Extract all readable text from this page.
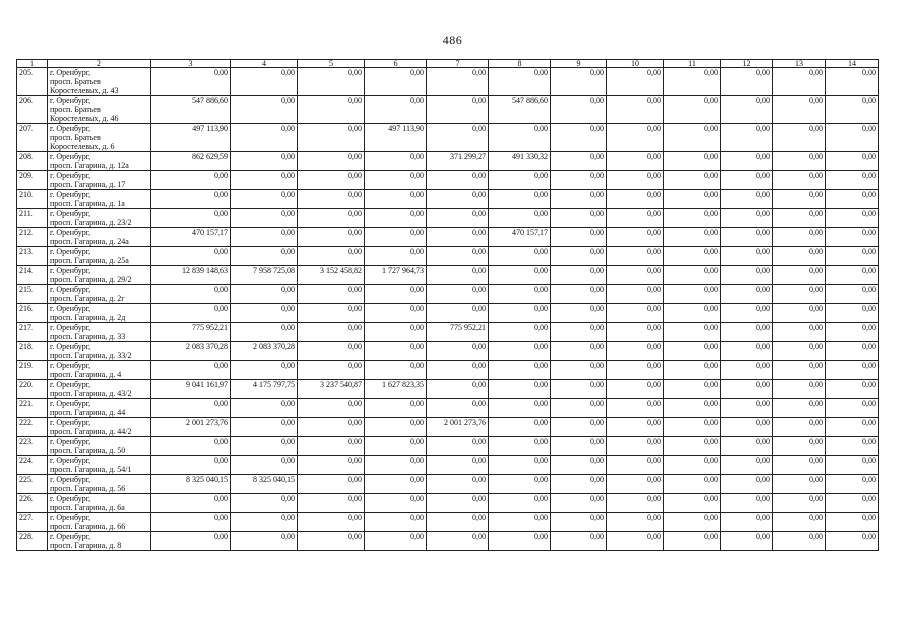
486
1	2	3	4	5	6	7	8	9	10	11	12	13	14
205.	г. Оренбург,
просп. Братьев
Коростелевых, д. 43	0,00	0,00	0,00	0,00	0,00	0,00	0,00	0,00	0,00	0,00	0,00	0,00
206.	г. Оренбург,
просп. Братьев
Коростелевых, д. 46	547 886,60	0,00	0,00	0,00	0,00	547 886,60	0,00	0,00	0,00	0,00	0,00	0,00
207.	г. Оренбург,
просп. Братьев
Коростелевых, д. 6	497 113,90	0,00	0,00	497 113,90	0,00	0,00	0,00	0,00	0,00	0,00	0,00	0,00
208.	г. Оренбург,
просп. Гагарина, д. 12а	862 629,59	0,00	0,00	0,00	371 299,27	491 330,32	0,00	0,00	0,00	0,00	0,00	0,00
209.	г. Оренбург,
просп. Гагарина, д. 17	0,00	0,00	0,00	0,00	0,00	0,00	0,00	0,00	0,00	0,00	0,00	0,00
210.	г. Оренбург,
просп. Гагарина, д. 1а	0,00	0,00	0,00	0,00	0,00	0,00	0,00	0,00	0,00	0,00	0,00	0,00
211.	г. Оренбург,
просп. Гагарина, д. 23/2	0,00	0,00	0,00	0,00	0,00	0,00	0,00	0,00	0,00	0,00	0,00	0,00
212.	г. Оренбург,
просп. Гагарина, д. 24а	470 157,17	0,00	0,00	0,00	0,00	470 157,17	0,00	0,00	0,00	0,00	0,00	0,00
213.	г. Оренбург,
просп. Гагарина, д. 25а	0,00	0,00	0,00	0,00	0,00	0,00	0,00	0,00	0,00	0,00	0,00	0,00
214.	г. Оренбург,
просп. Гагарина, д. 29/2	12 839 148,63	7 958 725,08	3 152 458,82	1 727 964,73	0,00	0,00	0,00	0,00	0,00	0,00	0,00	0,00
215.	г. Оренбург,
просп. Гагарина, д. 2г	0,00	0,00	0,00	0,00	0,00	0,00	0,00	0,00	0,00	0,00	0,00	0,00
216.	г. Оренбург,
просп. Гагарина, д. 2д	0,00	0,00	0,00	0,00	0,00	0,00	0,00	0,00	0,00	0,00	0,00	0,00
217.	г. Оренбург,
просп. Гагарина, д. 33	775 952,21	0,00	0,00	0,00	775 952,21	0,00	0,00	0,00	0,00	0,00	0,00	0,00
218.	г. Оренбург,
просп. Гагарина, д. 33/2	2 083 370,28	2 083 370,28	0,00	0,00	0,00	0,00	0,00	0,00	0,00	0,00	0,00	0,00
219.	г. Оренбург,
просп. Гагарина, д. 4	0,00	0,00	0,00	0,00	0,00	0,00	0,00	0,00	0,00	0,00	0,00	0,00
220.	г. Оренбург,
просп. Гагарина, д. 43/2	9 041 161,97	4 175 797,75	3 237 540,87	1 627 823,35	0,00	0,00	0,00	0,00	0,00	0,00	0,00	0,00
221.	г. Оренбург,
просп. Гагарина, д. 44	0,00	0,00	0,00	0,00	0,00	0,00	0,00	0,00	0,00	0,00	0,00	0,00
222.	г. Оренбург,
просп. Гагарина, д. 44/2	2 001 273,76	0,00	0,00	0,00	2 001 273,76	0,00	0,00	0,00	0,00	0,00	0,00	0,00
223.	г. Оренбург,
просп. Гагарина, д. 50	0,00	0,00	0,00	0,00	0,00	0,00	0,00	0,00	0,00	0,00	0,00	0,00
224.	г. Оренбург,
просп. Гагарина, д. 54/1	0,00	0,00	0,00	0,00	0,00	0,00	0,00	0,00	0,00	0,00	0,00	0,00
225.	г. Оренбург,
просп. Гагарина, д. 56	8 325 040,15	8 325 040,15	0,00	0,00	0,00	0,00	0,00	0,00	0,00	0,00	0,00	0,00
226.	г. Оренбург,
просп. Гагарина, д. 6а	0,00	0,00	0,00	0,00	0,00	0,00	0,00	0,00	0,00	0,00	0,00	0,00
227.	г. Оренбург,
просп. Гагарина, д. 66	0,00	0,00	0,00	0,00	0,00	0,00	0,00	0,00	0,00	0,00	0,00	0,00
228.	г. Оренбург,
просп. Гагарина, д. 8	0,00	0,00	0,00	0,00	0,00	0,00	0,00	0,00	0,00	0,00	0,00	0,00
